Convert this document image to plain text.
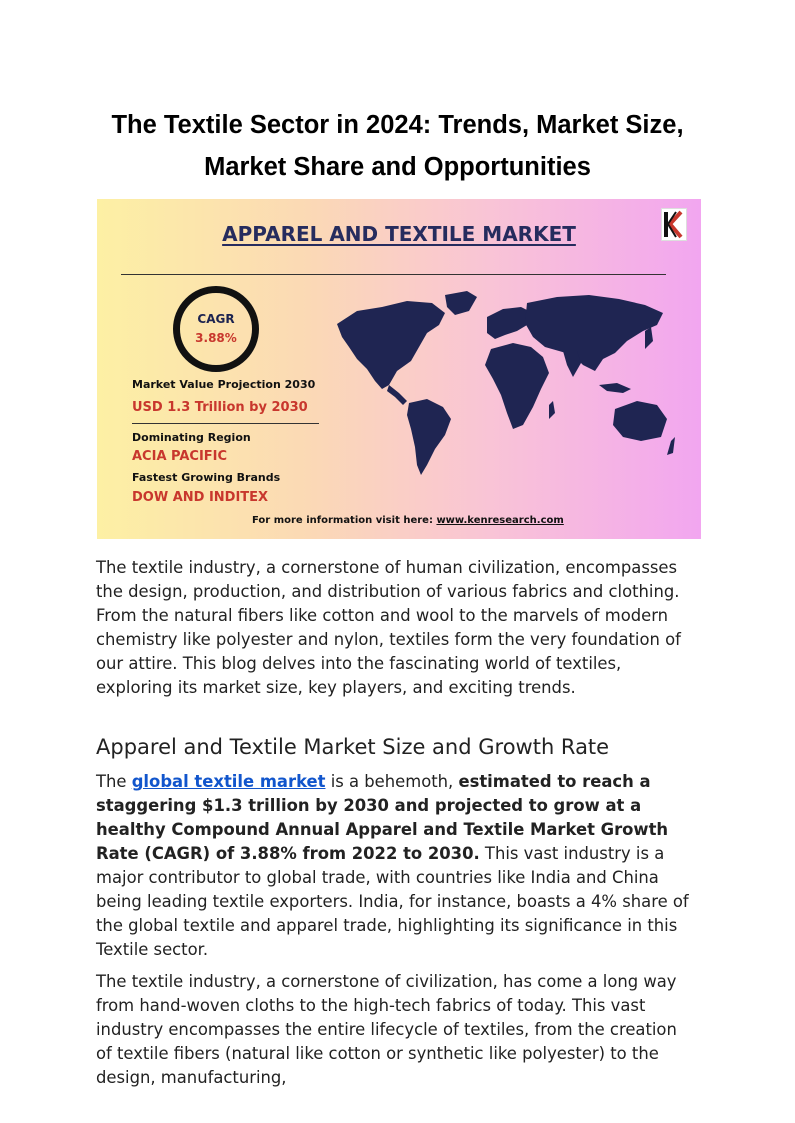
The Textile Sector in 2024: Trends, Market Size,
Market Share and Opportunities
APPAREL AND TEXTILE MARKET
CAGR
3.88%
Market Value Projection 2030
USD 1.3 Trillion by 2030
Dominating Region
ACIA PACIFIC
Fastest Growing Brands
DOW AND INDITEX
For more information visit here: www.kenresearch.com

The textile industry, a cornerstone of human civilization, encompasses the design, production, and distribution of various fabrics and clothing. From the natural fibers like cotton and wool to the marvels of modern chemistry like polyester and nylon, textiles form the very foundation of our attire. This blog delves into the fascinating world of textiles, exploring its market size, key players, and exciting trends.

Apparel and Textile Market Size and Growth Rate

The global textile market is a behemoth, estimated to reach a staggering $1.3 trillion by 2030 and projected to grow at a healthy Compound Annual Apparel and Textile Market Growth Rate (CAGR) of 3.88% from 2022 to 2030. This vast industry is a major contributor to global trade, with countries like India and China being leading textile exporters. India, for instance, boasts a 4% share of the global textile and apparel trade, highlighting its significance in this Textile sector.

The textile industry, a cornerstone of civilization, has come a long way from hand-woven cloths to the high-tech fabrics of today. This vast industry encompasses the entire lifecycle of textiles, from the creation of textile fibers (natural like cotton or synthetic like polyester) to the design, manufacturing,
